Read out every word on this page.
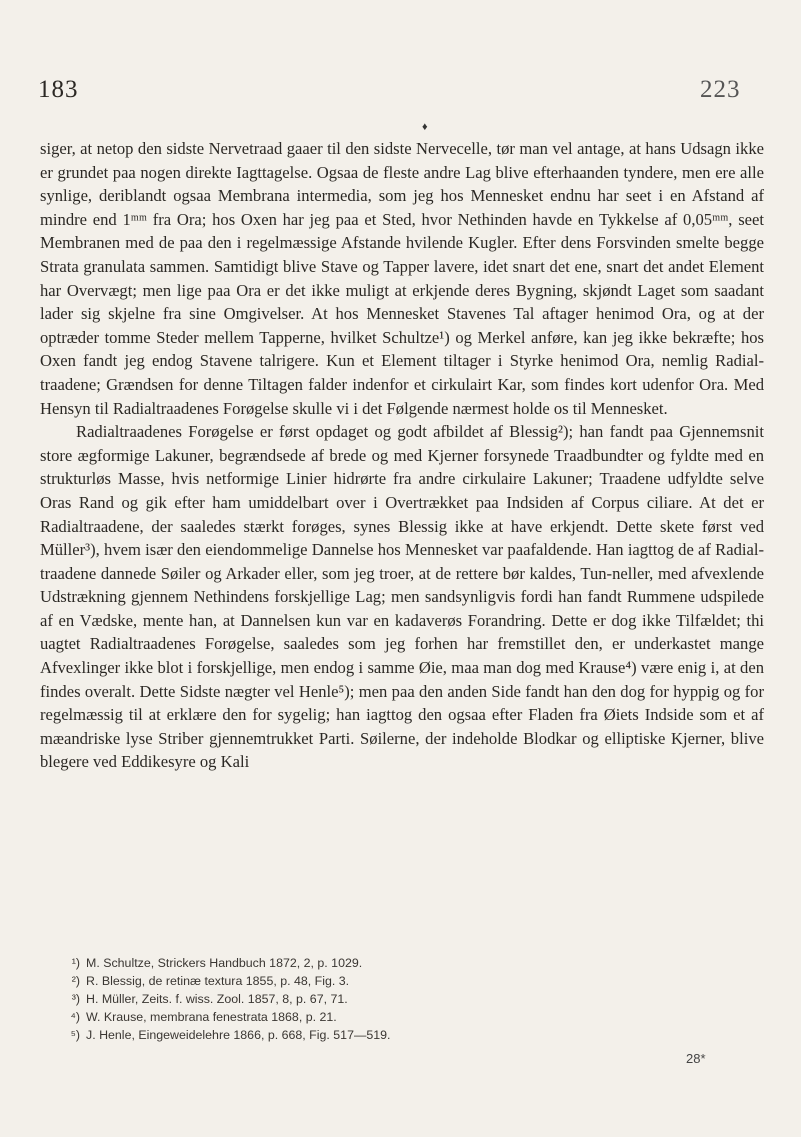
183	223
♦

siger, at netop den sidste Nervetraad gaaer til den sidste Nervecelle, tør man vel antage, at hans Udsagn ikke er grundet paa nogen direkte Iagttagelse. Ogsaa de fleste andre Lag blive efterhaanden tyndere, men ere alle synlige, deriblandt ogsaa Membrana intermedia, som jeg hos Mennesket endnu har seet i en Afstand af mindre end 1ᵐᵐ fra Ora; hos Oxen har jeg paa et Sted, hvor Nethinden havde en Tykkelse af 0,05ᵐᵐ, seet Membranen med de paa den i regelmæssige Afstande hvilende Kugler. Efter dens Forsvinden smelte begge Strata granulata sammen. Samtidigt blive Stave og Tapper lavere, idet snart det ene, snart det andet Element har Overvægt; men lige paa Ora er det ikke muligt at erkjende deres Bygning, skjøndt Laget som saadant lader sig skjelne fra sine Omgivelser. At hos Mennesket Stavenes Tal aftager henimod Ora, og at der optræder tomme Steder mellem Tapperne, hvilket Schultze¹) og Merkel anføre, kan jeg ikke bekræfte; hos Oxen fandt jeg endog Stavene talrigere. Kun et Element tiltager i Styrke henimod Ora, nemlig Radial-traadene; Grændsen for denne Tiltagen falder indenfor et cirkulairt Kar, som findes kort udenfor Ora. Med Hensyn til Radialtraadenes Forøgelse skulle vi i det Følgende nærmest holde os til Mennesket.

Radialtraadenes Forøgelse er først opdaget og godt afbildet af Blessig²); han fandt paa Gjennemsnit store ægformige Lakuner, begrændsede af brede og med Kjerner forsynede Traadbundter og fyldte med en strukturløs Masse, hvis netformige Linier hidrørte fra andre cirkulaire Lakuner; Traadene udfyldte selve Oras Rand og gik efter ham umiddelbart over i Overtrækket paa Indsiden af Corpus ciliare. At det er Radialtraadene, der saaledes stærkt forøges, synes Blessig ikke at have erkjendt. Dette skete først ved Müller³), hvem især den eiendommelige Dannelse hos Mennesket var paafaldende. Han iagttog de af Radial-traadene dannede Søiler og Arkader eller, som jeg troer, at de rettere bør kaldes, Tun-neller, med afvexlende Udstrækning gjennem Nethindens forskjellige Lag; men sandsynligvis fordi han fandt Rummene udspilede af en Vædske, mente han, at Dannelsen kun var en kadaverøs Forandring. Dette er dog ikke Tilfældet; thi uagtet Radialtraadenes Forøgelse, saaledes som jeg forhen har fremstillet den, er underkastet mange Afvexlinger ikke blot i forskjellige, men endog i samme Øie, maa man dog med Krause⁴) være enig i, at den findes overalt. Dette Sidste nægter vel Henle⁵); men paa den anden Side fandt han den dog for hyppig og for regelmæssig til at erklære den for sygelig; han iagttog den ogsaa efter Fladen fra Øiets Indside som et af mæandriske lyse Striber gjennemtrukket Parti. Søilerne, der indeholde Blodkar og elliptiske Kjerner, blive blegere ved Eddikesyre og Kali

¹) M. Schultze, Strickers Handbuch 1872, 2, p. 1029.
²) R. Blessig, de retinæ textura 1855, p. 48, Fig. 3.
³) H. Müller, Zeits. f. wiss. Zool. 1857, 8, p. 67, 71.
⁴) W. Krause, membrana fenestrata 1868, p. 21.
⁵) J. Henle, Eingeweidelehre 1866, p. 668, Fig. 517—519.
28*
